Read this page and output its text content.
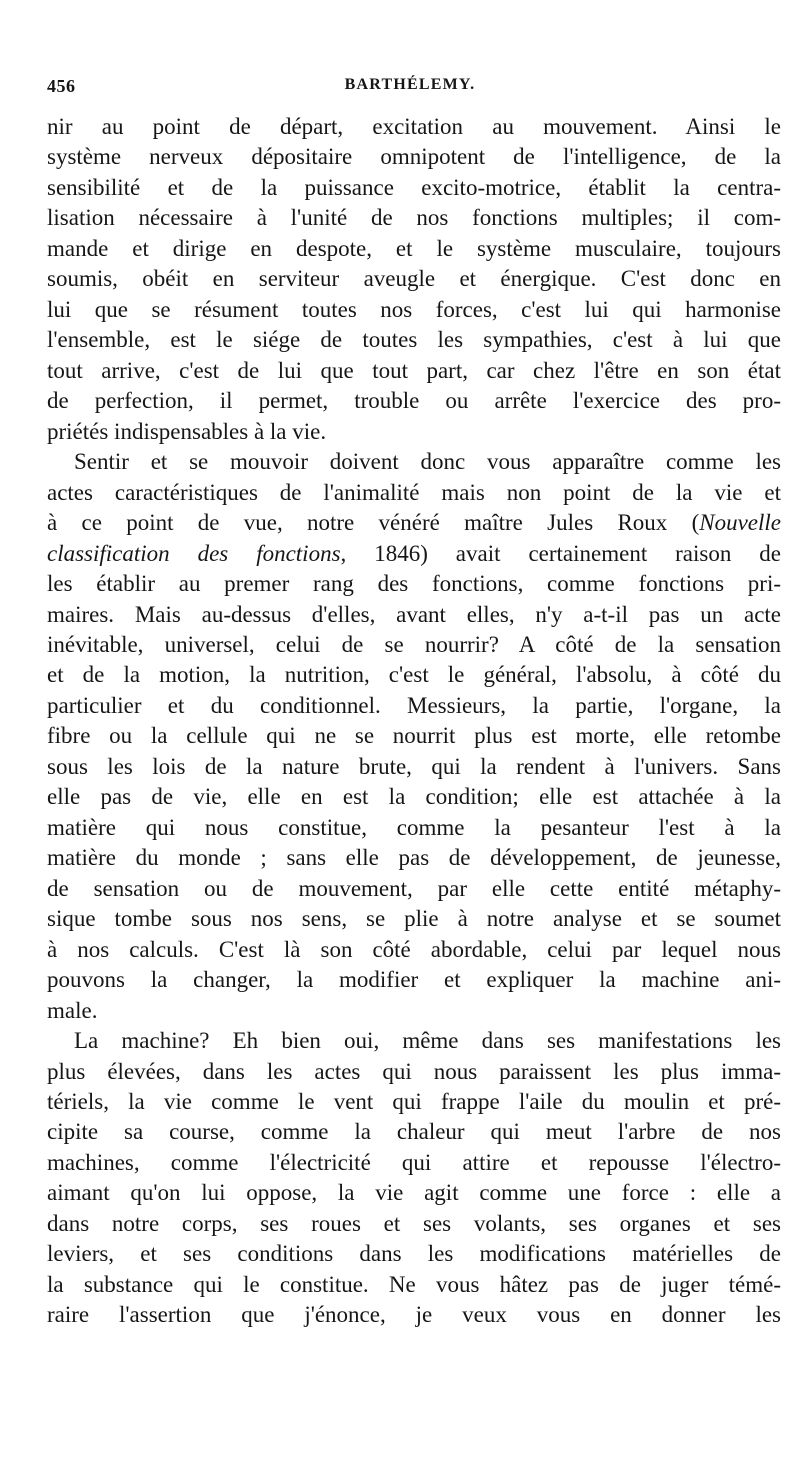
456	BARTHÉLEMY.
nir au point de départ, excitation au mouvement. Ainsi le
système nerveux dépositaire omnipotent de l'intelligence, de la
sensibilité et de la puissance excito-motrice, établit la centra-
lisation nécessaire à l'unité de nos fonctions multiples; il com-
mande et dirige en despote, et le système musculaire, toujours
soumis, obéit en serviteur aveugle et énergique. C'est donc en
lui que se résument toutes nos forces, c'est lui qui harmonise
l'ensemble, est le siége de toutes les sympathies, c'est à lui que
tout arrive, c'est de lui que tout part, car chez l'être en son état
de perfection, il permet, trouble ou arrête l'exercice des pro-
priétés indispensables à la vie.
Sentir et se mouvoir doivent donc vous apparaître comme les
actes caractéristiques de l'animalité mais non point de la vie et
à ce point de vue, notre vénéré maître Jules Roux (Nouvelle
classification des fonctions, 1846) avait certainement raison de
les établir au premer rang des fonctions, comme fonctions pri-
maires. Mais au-dessus d'elles, avant elles, n'y a-t-il pas un acte
inévitable, universel, celui de se nourrir? A côté de la sensation
et de la motion, la nutrition, c'est le général, l'absolu, à côté du
particulier et du conditionnel. Messieurs, la partie, l'organe, la
fibre ou la cellule qui ne se nourrit plus est morte, elle retombe
sous les lois de la nature brute, qui la rendent à l'univers. Sans
elle pas de vie, elle en est la condition; elle est attachée à la
matière qui nous constitue, comme la pesanteur l'est à la
matière du monde ; sans elle pas de développement, de jeunesse,
de sensation ou de mouvement, par elle cette entité métaphy-
sique tombe sous nos sens, se plie à notre analyse et se soumet
à nos calculs. C'est là son côté abordable, celui par lequel nous
pouvons la changer, la modifier et expliquer la machine ani-
male.
La machine? Eh bien oui, même dans ses manifestations les
plus élevées, dans les actes qui nous paraissent les plus imma-
tériels, la vie comme le vent qui frappe l'aile du moulin et pré-
cipite sa course, comme la chaleur qui meut l'arbre de nos
machines, comme l'électricité qui attire et repousse l'électro-
aimant qu'on lui oppose, la vie agit comme une force : elle a
dans notre corps, ses roues et ses volants, ses organes et ses
leviers, et ses conditions dans les modifications matérielles de
la substance qui le constitue. Ne vous hâtez pas de juger témé-
raire l'assertion que j'énonce, je veux vous en donner les
